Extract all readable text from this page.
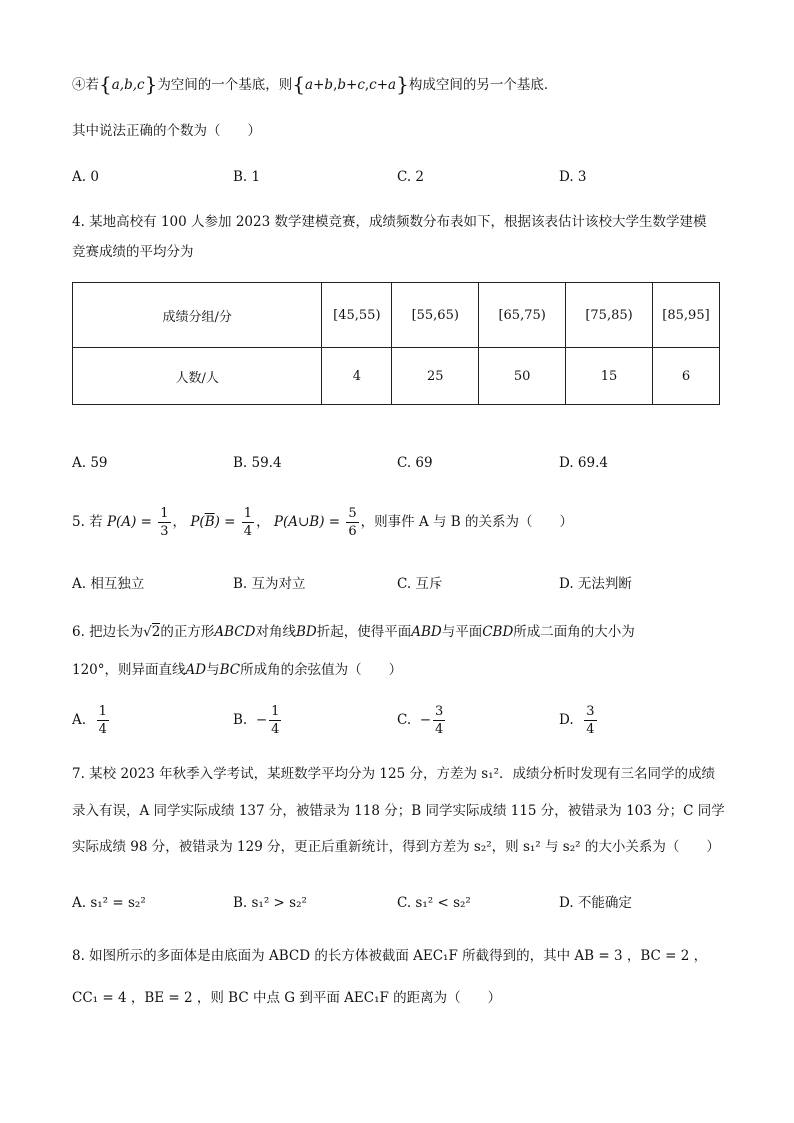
④若{a,b,c}为空间的一个基底，则{a+b,b+c,c+a}构成空间的另一个基底．
其中说法正确的个数为（　　）
A. 0	B. 1	C. 2	D. 3
4. 某地高校有 100 人参加 2023 数学建模竞赛，成绩频数分布表如下，根据该表估计该校大学生数学建模
竞赛成绩的平均分为
成绩分组/分	[45,55)	[55,65)	[65,75)	[75,85)	[85,95]
人数/人	4	25	50	15	6
A. 59	B. 59.4	C. 69	D. 69.4
5. 若 $P(A) = \frac{1}{3}$ ， $P(\overline{B}) = \frac{1}{4}$ ， P(A∪B) = $\frac{5}{6}$ ，则事件 A 与 B 的关系为（　　）
A. 相互独立	B. 互为对立	C. 互斥	D. 无法判断
6. 把边长为√2的正方形ABCD对角线BD折起，使得平面ABD与平面CBD所成二面角的大小为
120°，则异面直线AD与BC所成角的余弦值为（　　）
A. $\frac{1}{4}$	B. − $\frac{1}{4}$	C. − $\frac{3}{4}$	D. $\frac{3}{4}$
7. 某校 2023 年秋季入学考试，某班数学平均分为 125 分，方差为 s₁²．成绩分析时发现有三名同学的成绩
录入有误，A 同学实际成绩 137 分，被错录为 118 分；B 同学实际成绩 115 分，被错录为 103 分；C 同学
实际成绩 98 分，被错录为 129 分，更正后重新统计，得到方差为 s₂²，则 s₁² 与 s₂² 的大小关系为（　　）
A. s₁² = s₂²	B. s₁² > s₂²	C. s₁² < s₂²	D. 不能确定
8. 如图所示的多面体是由底面为 ABCD 的长方体被截面 AEC₁F 所截得到的，其中 AB = 3 ，BC = 2 ，
CC₁ = 4 ，BE = 2 ，则 BC 中点 G 到平面 AEC₁F 的距离为（　　）
